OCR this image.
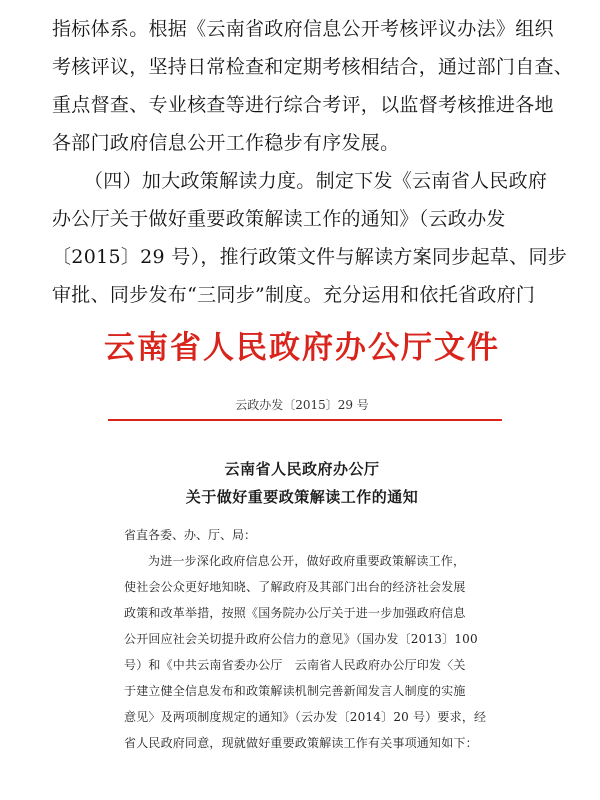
指标体系。根据《云南省政府信息公开考核评议办法》组织
考核评议，坚持日常检查和定期考核相结合，通过部门自查、
重点督查、专业核查等进行综合考评，以监督考核推进各地
各部门政府信息公开工作稳步有序发展。
（四）加大政策解读力度。制定下发《云南省人民政府
办公厅关于做好重要政策解读工作的通知》（云政办发
〔2015〕29 号），推行政策文件与解读方案同步起草、同步
审批、同步发布“三同步”制度。充分运用和依托省政府门
云南省人民政府办公厅文件
云政办发〔2015〕29 号
云南省人民政府办公厅
关于做好重要政策解读工作的通知
省直各委、办、厅、局：
为进一步深化政府信息公开，做好政府重要政策解读工作，
使社会公众更好地知晓、了解政府及其部门出台的经济社会发展
政策和改革举措，按照《国务院办公厅关于进一步加强政府信息
公开回应社会关切提升政府公信力的意见》（国办发〔2013〕100
号）和《中共云南省委办公厅　云南省人民政府办公厅印发〈关
于建立健全信息发布和政策解读机制完善新闻发言人制度的实施
意见〉及两项制度规定的通知》（云办发〔2014〕20 号）要求，经
省人民政府同意，现就做好重要政策解读工作有关事项通知如下：
